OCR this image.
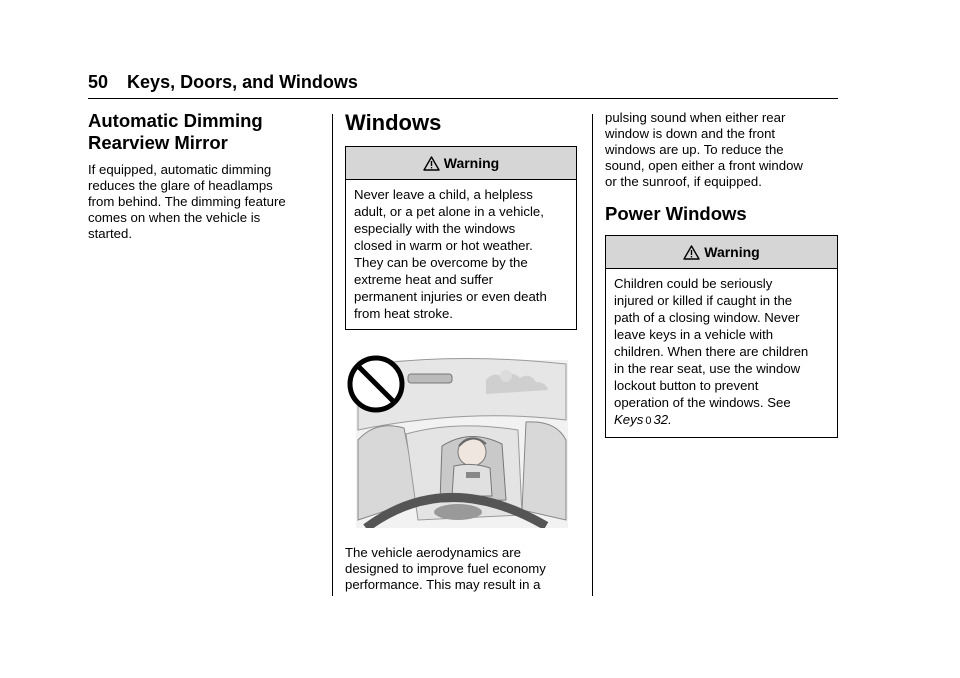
50 Keys, Doors, and Windows
Automatic Dimming
Rearview Mirror

If equipped, automatic dimming
reduces the glare of headlamps
from behind. The dimming feature
comes on when the vehicle is
started.

Windows
Warning
Never leave a child, a helpless
adult, or a pet alone in a vehicle,
especially with the windows
closed in warm or hot weather.
They can be overcome by the
extreme heat and suffer
permanent injuries or even death
from heat stroke.

The vehicle aerodynamics are
designed to improve fuel economy
performance. This may result in a

pulsing sound when either rear
window is down and the front
windows are up. To reduce the
sound, open either a front window
or the sunroof, if equipped.

Power Windows
Warning
Children could be seriously
injured or killed if caught in the
path of a closing window. Never
leave keys in a vehicle with
children. When there are children
in the rear seat, use the window
lockout button to prevent
operation of the windows. See
Keys 0 32.
